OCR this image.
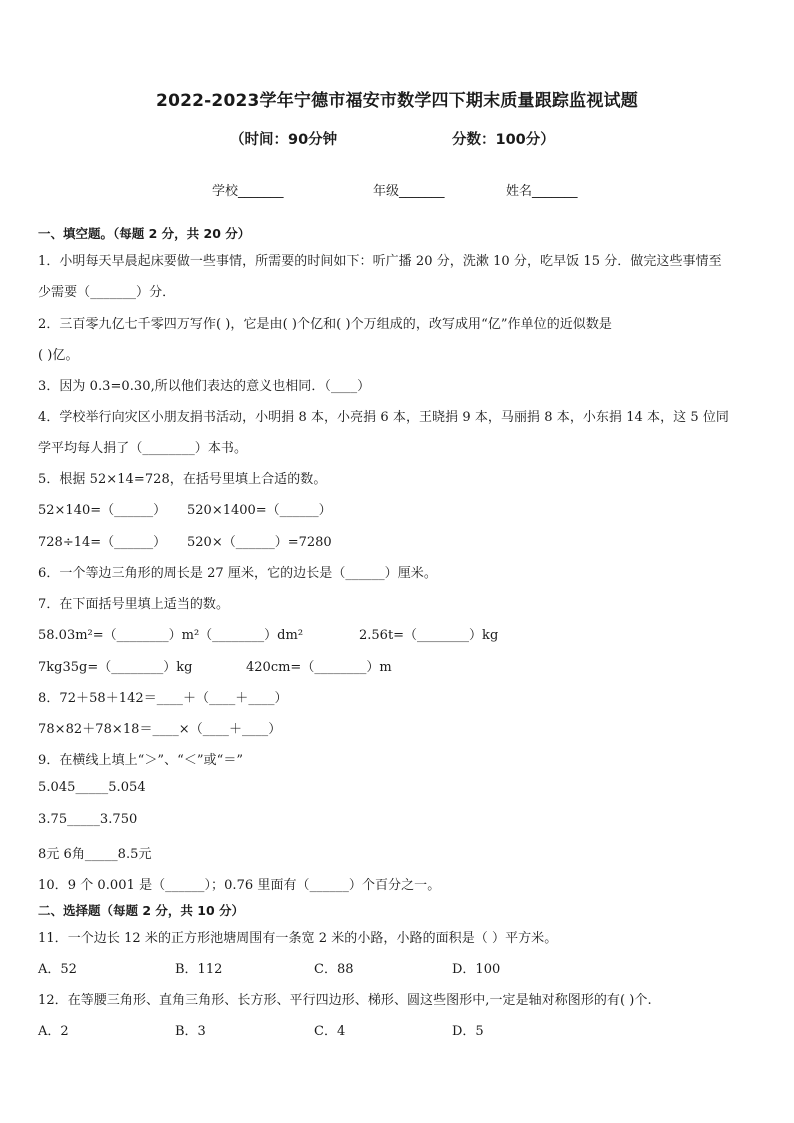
2022-2023学年宁德市福安市数学四下期末质量跟踪监视试题
（时间：90分钟	分数：100分）
学校_______	年级_______	姓名_______
一、填空题。（每题 2 分，共 20 分）
1．小明每天早晨起床要做一些事情，所需要的时间如下：听广播 20 分，洗漱 10 分，吃早饭 15 分．做完这些事情至
少需要（_______）分．
2．三百零九亿七千零四万写作( )，它是由( )个亿和( )个万组成的，改写成用“亿”作单位的近似数是
( )亿。
3．因为 0.3=0.30,所以他们表达的意义也相同．（____）
4．学校举行向灾区小朋友捐书活动，小明捐 8 本，小亮捐 6 本，王晓捐 9 本，马丽捐 8 本，小东捐 14 本，这 5 位同
学平均每人捐了（________）本书。
5．根据 52×14=728，在括号里填上合适的数。
52×140=（______） 520×1400=（______）
728÷14=（______） 520×（______）=7280
6．一个等边三角形的周长是 27 厘米，它的边长是（______）厘米。
7．在下面括号里填上适当的数。
58.03m²=（________）m²（________）dm²	2.56t=（________）kg
7kg35g=（________）kg	420cm=（________）m
8．72＋58＋142＝____＋（____＋____）
78×82＋78×18＝____×（____＋____）
9．在横线上填上“＞”、“＜”或“＝”
5.045_____5.054
3.75_____3.750
8元 6角_____8.5元
10．9 个 0.001 是（______）；0.76 里面有（______）个百分之一。
二、选择题（每题 2 分，共 10 分）
11．一个边长 12 米的正方形池塘周围有一条宽 2 米的小路，小路的面积是（ ）平方米。
A．52	B．112	C．88	D．100
12．在等腰三角形、直角三角形、长方形、平行四边形、梯形、圆这些图形中,一定是轴对称图形的有( )个.
A．2	B．3	C．4	D．5
